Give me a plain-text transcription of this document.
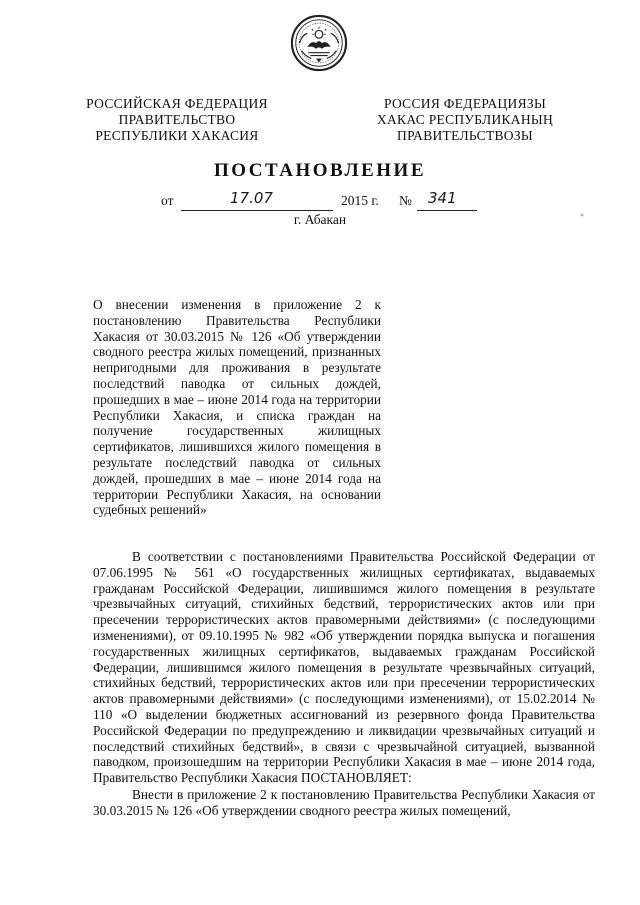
РОССИЙСКАЯ ФЕДЕРАЦИЯ
ПРАВИТЕЛЬСТВО
РЕСПУБЛИКИ ХАКАСИЯ
РОССИЯ ФЕДЕРАЦИЯЗЫ
ХАКАС РЕСПУБЛИКАНЫҢ
ПРАВИТЕЛЬСТВОЗЫ
ПОСТАНОВЛЕНИЕ
от	17.07	2015 г. № 341
г. Абакан	*
О внесении изменения в приложение 2 к постановлению Правительства Республики Хакасия от 30.03.2015 № 126 «Об утверждении сводного реестра жилых помещений, признанных непригодными для проживания в результате последствий паводка от сильных дождей, прошедших в мае – июне 2014 года на территории Республики Хакасия, и списка граждан на получение государственных жилищных сертификатов, лишившихся жилого помещения в результате последствий паводка от сильных дождей, прошедших в мае – июне 2014 года на территории Республики Хакасия, на основании судебных решений»

В соответствии с постановлениями Правительства Российской Федерации от 07.06.1995 № 561 «О государственных жилищных сертификатах, выдаваемых гражданам Российской Федерации, лишившимся жилого помещения в результате чрезвычайных ситуаций, стихийных бедствий, террористических актов или при пресечении террористических актов правомерными действиями» (с последующими изменениями), от 09.10.1995 № 982 «Об утверждении порядка выпуска и погашения государственных жилищных сертификатов, выдаваемых гражданам Российской Федерации, лишившимся жилого помещения в результате чрезвычайных ситуаций, стихийных бедствий, террористических актов или при пресечении террористических актов правомерными действиями» (с последующими изменениями), от 15.02.2014 № 110 «О выделении бюджетных ассигнований из резервного фонда Правительства Российской Федерации по предупреждению и ликвидации чрезвычайных ситуаций и последствий стихийных бедствий», в связи с чрезвычайной ситуацией, вызванной паводком, произошедшим на территории Республики Хакасия в мае – июне 2014 года, Правительство Республики Хакасия ПОСТАНОВЛЯЕТ:

Внести в приложение 2 к постановлению Правительства Республики Хакасия от 30.03.2015 № 126 «Об утверждении сводного реестра жилых помещений,
